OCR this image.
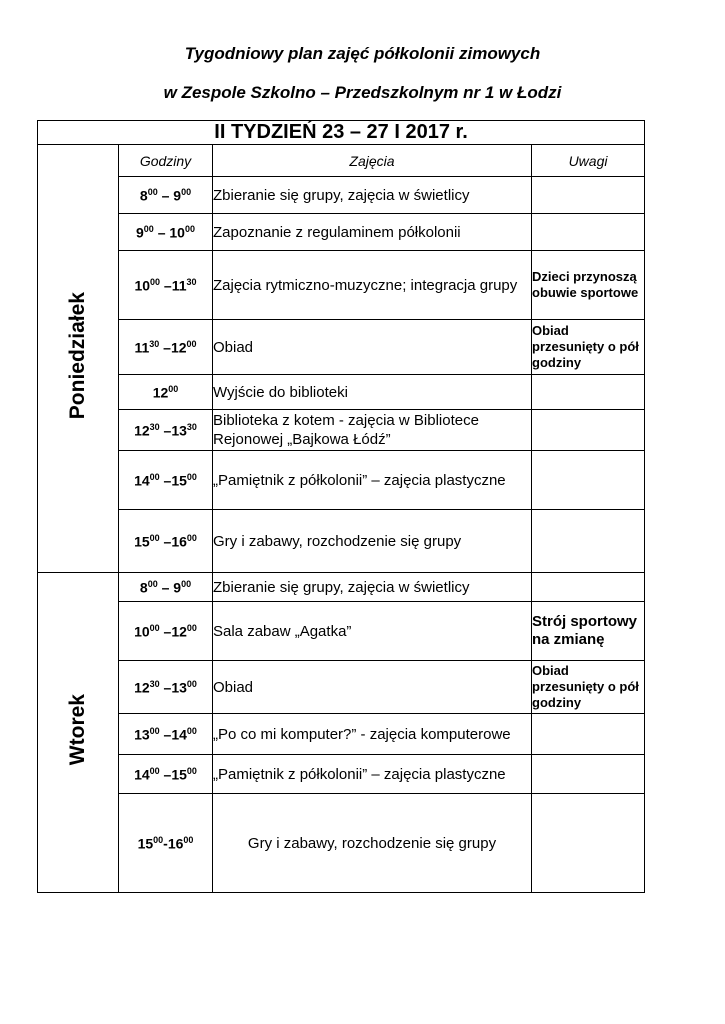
Tygodniowy plan zajęć półkolonii zimowych
w Zespole Szkolno – Przedszkolnym nr 1 w Łodzi
II TYDZIEŃ 23 – 27 I 2017 r.			
Poniedziałek	Godziny	Zajęcia	Uwagi
	$8^{00} - 9^{00}$	Zbieranie się grupy, zajęcia w świetlicy	
	$9^{00} - 10^{00}$	Zapoznanie z regulaminem półkolonii	
	$10^{00}$ $-11^{30}$	Zajęcia rytmiczno-muzyczne; integracja grupy	Dzieci przynoszą obuwie sportowe
	$11^{30}$ $-12^{00}$	Obiad	Obiad przesunięty o pół godziny
	$12^{00}$	Wyjście do biblioteki	
	$12^{30}$ $-13^{30}$	Biblioteka z kotem - zajęcia w Bibliotece Rejonowej „Bajkowa Łódź”	
	$14^{00}$ $-15^{00}$	„Pamiętnik z półkolonii” – zajęcia plastyczne	
	$15^{00}$ $-16^{00}$	Gry i zabawy, rozchodzenie się grupy	
Wtorek	$8^{00} - 9^{00}$	Zbieranie się grupy, zajęcia w świetlicy	
	$10^{00}$ $-12^{00}$	Sala zabaw „Agatka”	Strój sportowy na zmianę
	$12^{30}$ $-13^{00}$	Obiad	Obiad przesunięty o pół godziny
	$13^{00}$ $-14^{00}$	„Po co mi komputer?” - zajęcia komputerowe	
	$14^{00}$ $-15^{00}$	„Pamiętnik z półkolonii” – zajęcia plastyczne	
	$15^{00}-16^{00}$	Gry i zabawy, rozchodzenie się grupy	
